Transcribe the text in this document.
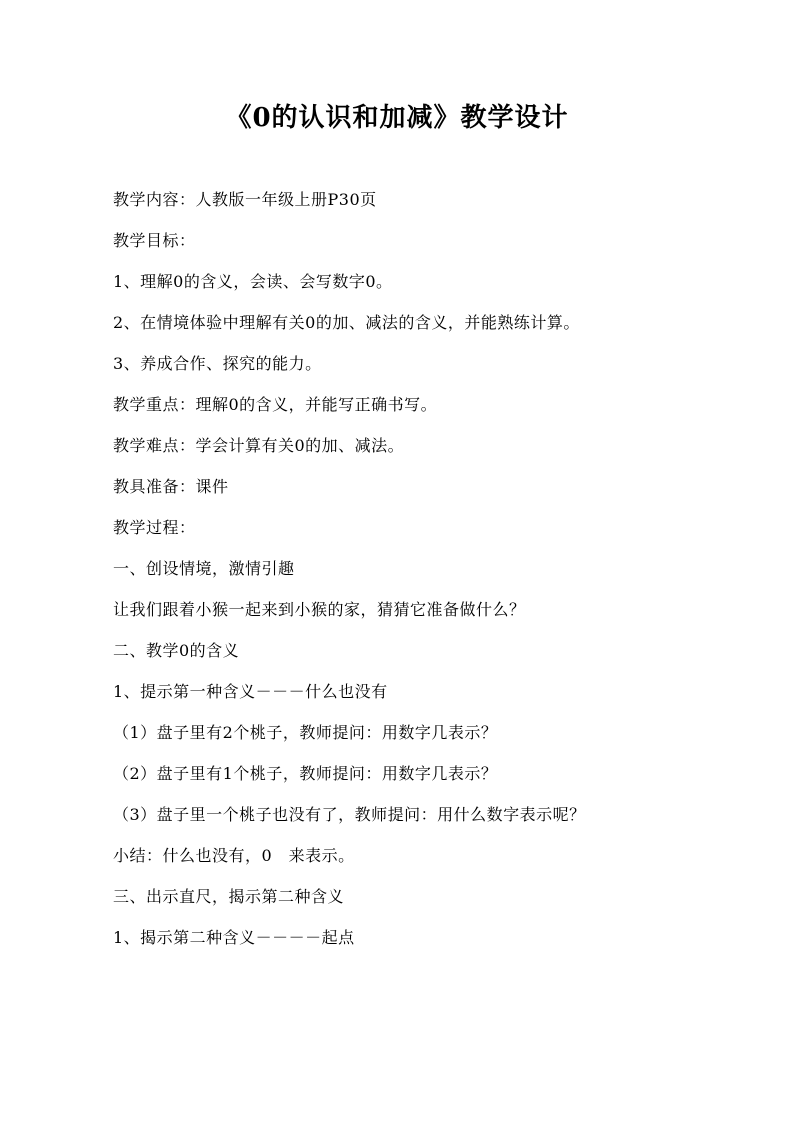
《0的认识和加减》教学设计
教学内容：人教版一年级上册P30页
教学目标：
1、理解0的含义，会读、会写数字0。
2、在情境体验中理解有关0的加、减法的含义，并能熟练计算。
3、养成合作、探究的能力。
教学重点：理解0的含义，并能写正确书写。
教学难点：学会计算有关0的加、减法。
教具准备：课件
教学过程：
一、创设情境，激情引趣
让我们跟着小猴一起来到小猴的家，猜猜它准备做什么？
二、教学0的含义
1、提示第一种含义－－－什么也没有
（1）盘子里有2个桃子，教师提问：用数字几表示？
（2）盘子里有1个桃子，教师提问：用数字几表示？
（3）盘子里一个桃子也没有了，教师提问：用什么数字表示呢？
小结：什么也没有，0　来表示。
三、出示直尺，揭示第二种含义
1、揭示第二种含义－－－－起点
